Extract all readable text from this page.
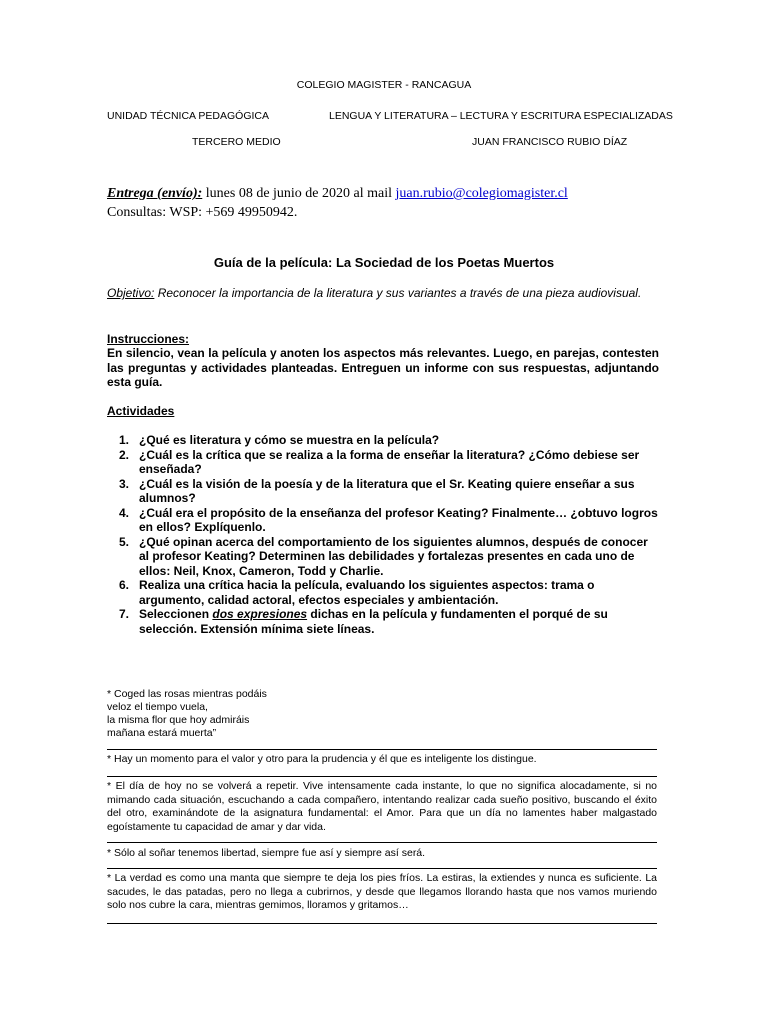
COLEGIO MAGISTER - RANCAGUA
UNIDAD TÉCNICA PEDAGÓGICA	LENGUA Y LITERATURA – LECTURA Y ESCRITURA ESPECIALIZADAS
TERCERO MEDIO	JUAN FRANCISCO RUBIO DÍAZ
Entrega (envío): lunes 08 de junio de 2020 al mail juan.rubio@colegiomagister.cl
Consultas: WSP: +569 49950942.
Guía de la película: La Sociedad de los Poetas Muertos
Objetivo: Reconocer la importancia de la literatura y sus variantes a través de una pieza audiovisual.
Instrucciones:
En silencio, vean la película y anoten los aspectos más relevantes. Luego, en parejas, contesten las preguntas y actividades planteadas. Entreguen un informe con sus respuestas, adjuntando esta guía.
Actividades
1. ¿Qué es literatura y cómo se muestra en la película?
2. ¿Cuál es la crítica que se realiza a la forma de enseñar la literatura? ¿Cómo debiese ser enseñada?
3. ¿Cuál es la visión de la poesía y de la literatura que el Sr. Keating quiere enseñar a sus alumnos?
4. ¿Cuál era el propósito de la enseñanza del profesor Keating? Finalmente… ¿obtuvo logros en ellos? Explíquenlo.
5. ¿Qué opinan acerca del comportamiento de los siguientes alumnos, después de conocer al profesor Keating? Determinen las debilidades y fortalezas presentes en cada uno de ellos: Neil, Knox, Cameron, Todd y Charlie.
6. Realiza una crítica hacia la película, evaluando los siguientes aspectos: trama o argumento, calidad actoral, efectos especiales y ambientación.
7. Seleccionen dos expresiones dichas en la película y fundamenten el porqué de su selección. Extensión mínima siete líneas.
* Coged las rosas mientras podáis
veloz el tiempo vuela,
la misma flor que hoy admiráis
mañana estará muerta”
* Hay un momento para el valor y otro para la prudencia y él que es inteligente los distingue.
* El día de hoy no se volverá a repetir. Vive intensamente cada instante, lo que no significa alocadamente, si no mimando cada situación, escuchando a cada compañero, intentando realizar cada sueño positivo, buscando el éxito del otro, examinándote de la asignatura fundamental: el Amor. Para que un día no lamentes haber malgastado egoístamente tu capacidad de amar y dar vida.
* Sólo al soñar tenemos libertad, siempre fue así y siempre así será.
* La verdad es como una manta que siempre te deja los pies fríos. La estiras, la extiendes y nunca es suficiente. La sacudes, le das patadas, pero no llega a cubrirnos, y desde que llegamos llorando hasta que nos vamos muriendo solo nos cubre la cara, mientras gemimos, lloramos y gritamos…
